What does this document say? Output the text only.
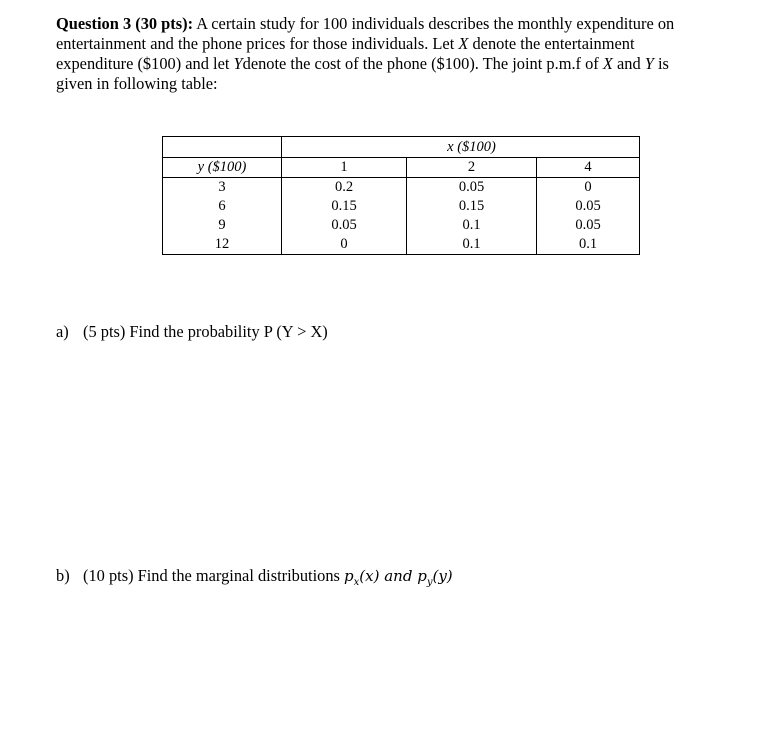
Question 3 (30 pts): A certain study for 100 individuals describes the monthly expenditure on
entertainment and the phone prices for those individuals. Let X denote the entertainment
expenditure ($100) and let Ydenote the cost of the phone ($100). The joint p.m.f of X and Y is
given in following table:
		x ($100)	
y ($100)	1	2	4
3	0.2	0.05	0
6	0.15	0.15	0.05
9	0.05	0.1	0.05
12	0	0.1	0.1
a) (5 pts) Find the probability P (Y > X)
b) (10 pts) Find the marginal distributions $p_x(x)$ and $p_y(y)$
